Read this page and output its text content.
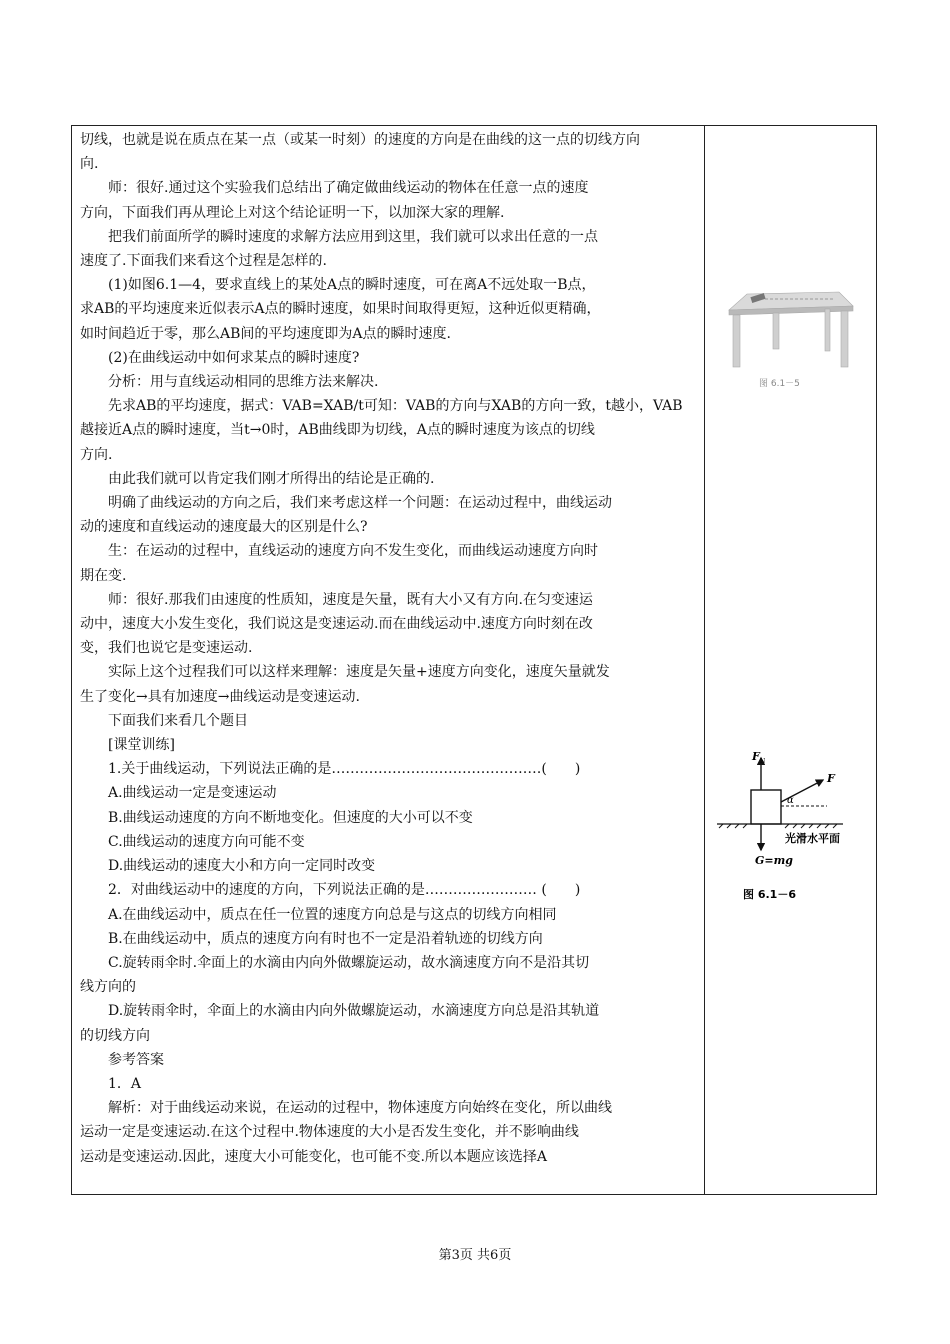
切线，也就是说在质点在某一点（或某一时刻）的速度的方向是在曲线的这一点的切线方向
向.
师：很好.通过这个实验我们总结出了确定做曲线运动的物体在任意一点的速度
方向，下面我们再从理论上对这个结论证明一下，以加深大家的理解.
把我们前面所学的瞬时速度的求解方法应用到这里，我们就可以求出任意的一点
速度了.下面我们来看这个过程是怎样的.
(1)如图6.1—4，要求直线上的某处A点的瞬时速度，可在离A不远处取一B点，
求AB的平均速度来近似表示A点的瞬时速度，如果时间取得更短，这种近似更精确，
如时间趋近于零，那么AB间的平均速度即为A点的瞬时速度.
(2)在曲线运动中如何求某点的瞬时速度?
分析：用与直线运动相同的思维方法来解决.
先求AB的平均速度，据式：VAB=XAB/t可知：VAB的方向与XAB的方向一致，t越小，VAB
越接近A点的瞬时速度，当t→0时，AB曲线即为切线，A点的瞬时速度为该点的切线
方向.
由此我们就可以肯定我们刚才所得出的结论是正确的.
明确了曲线运动的方向之后，我们来考虑这样一个问题：在运动过程中，曲线运动
动的速度和直线运动的速度最大的区别是什么?
生：在运动的过程中，直线运动的速度方向不发生变化，而曲线运动速度方向时
期在变.
师：很好.那我们由速度的性质知，速度是矢量，既有大小又有方向.在匀变速运
动中，速度大小发生变化，我们说这是变速运动.而在曲线运动中.速度方向时刻在改
变，我们也说它是变速运动.
实际上这个过程我们可以这样来理解：速度是矢量+速度方向变化，速度矢量就发
生了变化→具有加速度→曲线运动是变速运动.
下面我们来看几个题目
[课堂训练]
1.关于曲线运动，下列说法正确的是………………………………………(　　)
A.曲线运动一定是变速运动
B.曲线运动速度的方向不断地变化。但速度的大小可以不变
C.曲线运动的速度方向可能不变
D.曲线运动的速度大小和方向一定同时改变
2．对曲线运动中的速度的方向，下列说法正确的是…………………… (　　)
A.在曲线运动中，质点在任一位置的速度方向总是与这点的切线方向相同
B.在曲线运动中，质点的速度方向有时也不一定是沿着轨迹的切线方向
C.旋转雨伞时.伞面上的水滴由内向外做螺旋运动，故水滴速度方向不是沿其切
线方向的
D.旋转雨伞时，伞面上的水滴由内向外做螺旋运动，水滴速度方向总是沿其轨道
的切线方向
参考答案
1．A
解析：对于曲线运动来说，在运动的过程中，物体速度方向始终在变化，所以曲线
运动一定是变速运动.在这个过程中.物体速度的大小是否发生变化，并不影响曲线
运动是变速运动.因此，速度大小可能变化，也可能不变.所以本题应该选择A
图 6.1－5
F N
F
α
光滑水平面
G=mg
图 6.1－6
第3页 共6页
